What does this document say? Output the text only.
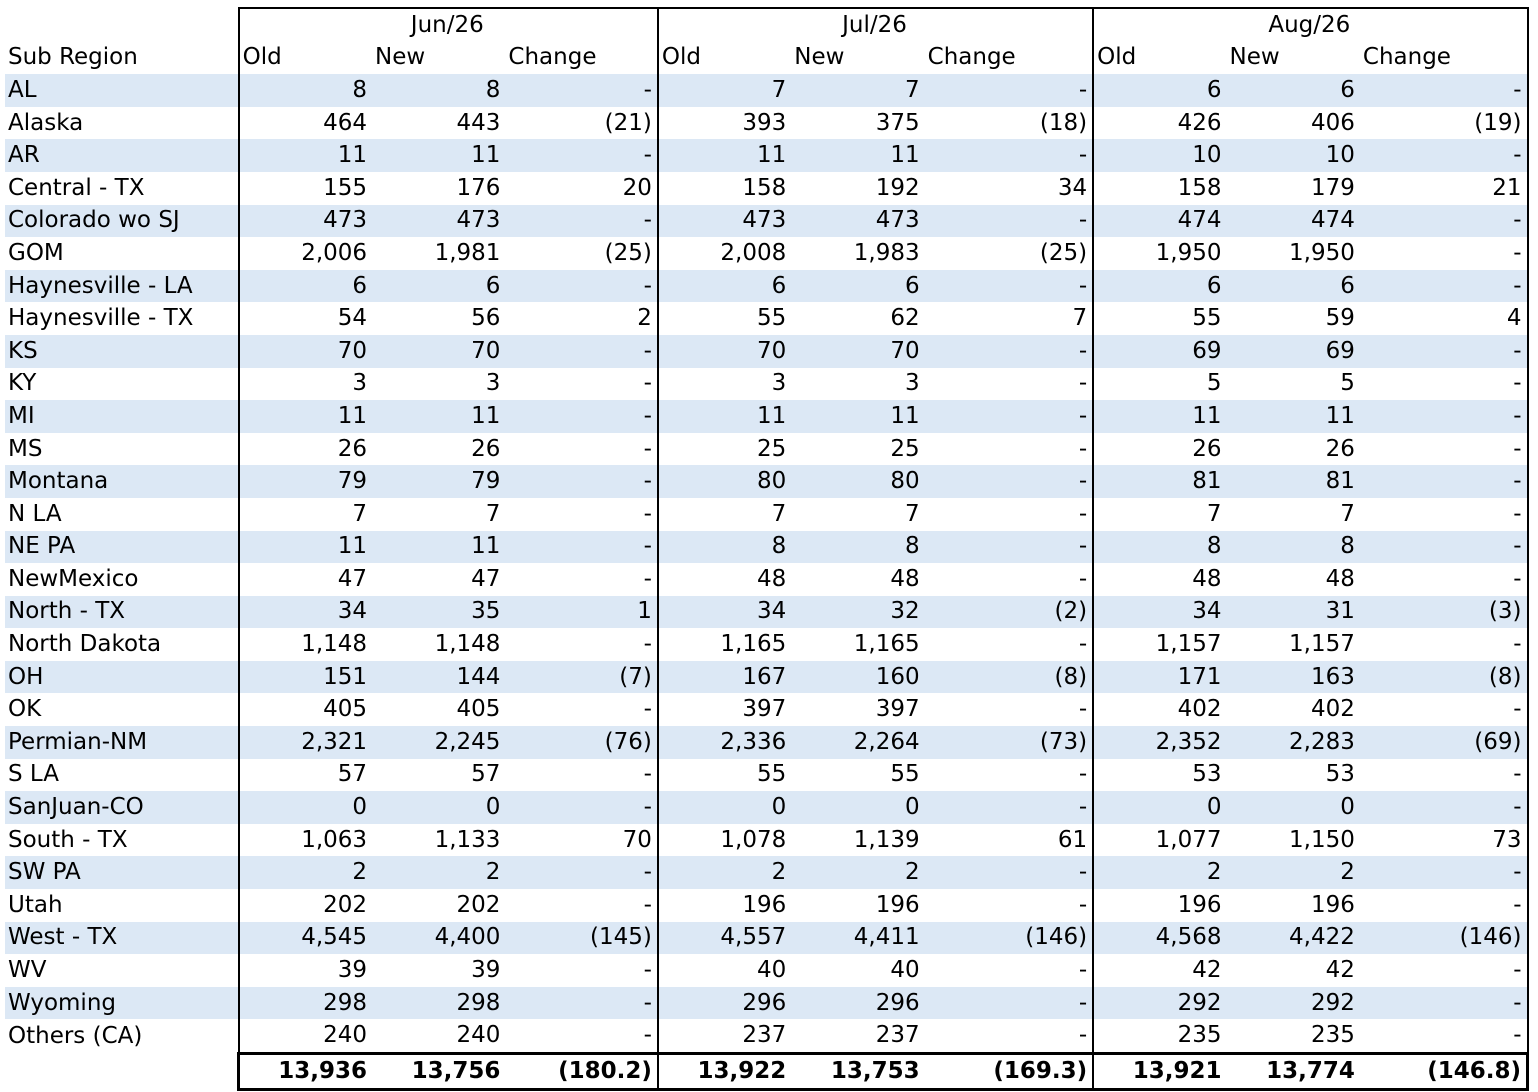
	Jun/26			Jul/26			Aug/26		
Sub Region	Old	New	Change	Old	New	Change	Old	New	Change
AL	8	8	-	7	7	-	6	6	-
Alaska	464	443	(21)	393	375	(18)	426	406	(19)
AR	11	11	-	11	11	-	10	10	-
Central - TX	155	176	20	158	192	34	158	179	21
Colorado wo SJ	473	473	-	473	473	-	474	474	-
GOM	2,006	1,981	(25)	2,008	1,983	(25)	1,950	1,950	-
Haynesville - LA	6	6	-	6	6	-	6	6	-
Haynesville - TX	54	56	2	55	62	7	55	59	4
KS	70	70	-	70	70	-	69	69	-
KY	3	3	-	3	3	-	5	5	-
MI	11	11	-	11	11	-	11	11	-
MS	26	26	-	25	25	-	26	26	-
Montana	79	79	-	80	80	-	81	81	-
N LA	7	7	-	7	7	-	7	7	-
NE PA	11	11	-	8	8	-	8	8	-
NewMexico	47	47	-	48	48	-	48	48	-
North - TX	34	35	1	34	32	(2)	34	31	(3)
North Dakota	1,148	1,148	-	1,165	1,165	-	1,157	1,157	-
OH	151	144	(7)	167	160	(8)	171	163	(8)
OK	405	405	-	397	397	-	402	402	-
Permian-NM	2,321	2,245	(76)	2,336	2,264	(73)	2,352	2,283	(69)
S LA	57	57	-	55	55	-	53	53	-
SanJuan-CO	0	0	-	0	0	-	0	0	-
South - TX	1,063	1,133	70	1,078	1,139	61	1,077	1,150	73
SW PA	2	2	-	2	2	-	2	2	-
Utah	202	202	-	196	196	-	196	196	-
West - TX	4,545	4,400	(145)	4,557	4,411	(146)	4,568	4,422	(146)
WV	39	39	-	40	40	-	42	42	-
Wyoming	298	298	-	296	296	-	292	292	-
Others (CA)	240	240	-	237	237	-	235	235	-
	13,936	13,756	(180.2)	13,922	13,753	(169.3)	13,921	13,774	(146.8)
